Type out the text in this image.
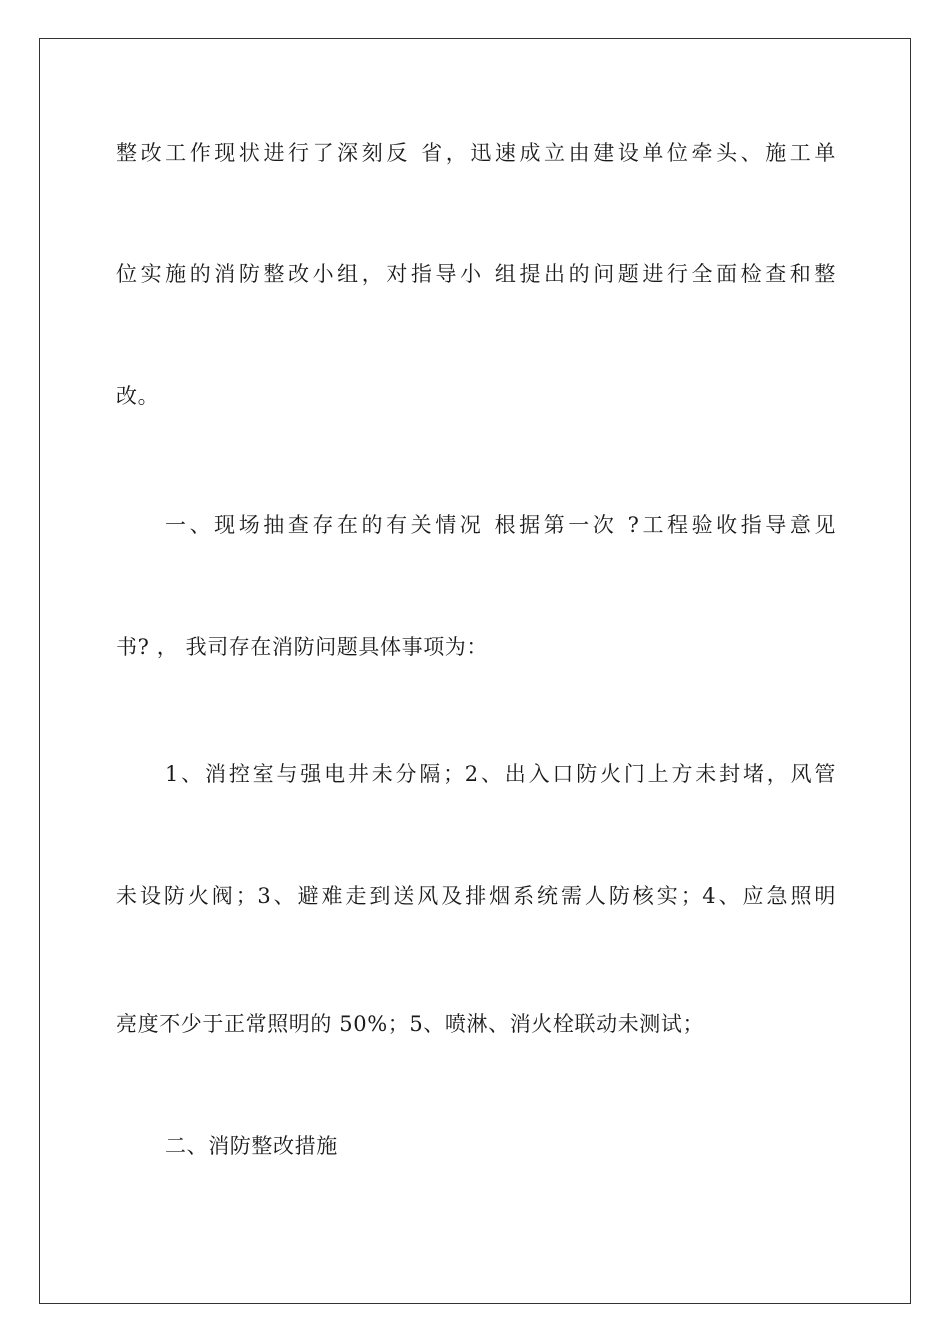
整改工作现状进行了深刻反 省，迅速成立由建设单位牵头、施工单
位实施的消防整改小组，对指导小 组提出的问题进行全面检查和整
改。
一、现场抽查存在的有关情况 根据第一次 ?工程验收指导意见
书? ， 我司存在消防问题具体事项为：
1、消控室与强电井未分隔；2、出入口防火门上方未封堵，风管
未设防火阀；3、避难走到送风及排烟系统需人防核实；4、应急照明
亮度不少于正常照明的 50%；5、喷淋、消火栓联动未测试；
二、消防整改措施
